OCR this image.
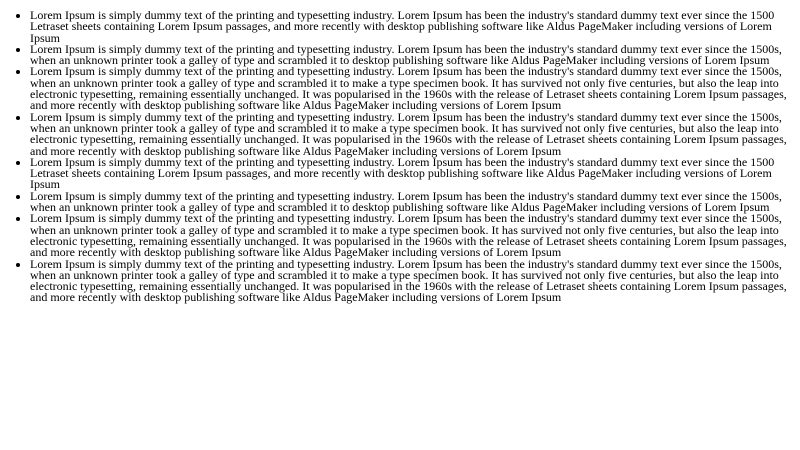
• Lorem Ipsum is simply dummy text of the printing and typesetting industry. Lorem Ipsum has been the industry's standard dummy text ever since the 1500 Letraset sheets containing Lorem Ipsum passages, and more recently with desktop publishing software like Aldus PageMaker including versions of Lorem Ipsum
• Lorem Ipsum is simply dummy text of the printing and typesetting industry. Lorem Ipsum has been the industry's standard dummy text ever since the 1500s, when an unknown printer took a galley of type and scrambled it to desktop publishing software like Aldus PageMaker including versions of Lorem Ipsum
• Lorem Ipsum is simply dummy text of the printing and typesetting industry. Lorem Ipsum has been the industry's standard dummy text ever since the 1500s, when an unknown printer took a galley of type and scrambled it to make a type specimen book. It has survived not only five centuries, but also the leap into electronic typesetting, remaining essentially unchanged. It was popularised in the 1960s with the release of Letraset sheets containing Lorem Ipsum passages, and more recently with desktop publishing software like Aldus PageMaker including versions of Lorem Ipsum
• Lorem Ipsum is simply dummy text of the printing and typesetting industry. Lorem Ipsum has been the industry's standard dummy text ever since the 1500s, when an unknown printer took a galley of type and scrambled it to make a type specimen book. It has survived not only five centuries, but also the leap into electronic typesetting, remaining essentially unchanged. It was popularised in the 1960s with the release of Letraset sheets containing Lorem Ipsum passages, and more recently with desktop publishing software like Aldus PageMaker including versions of Lorem Ipsum
• Lorem Ipsum is simply dummy text of the printing and typesetting industry. Lorem Ipsum has been the industry's standard dummy text ever since the 1500 Letraset sheets containing Lorem Ipsum passages, and more recently with desktop publishing software like Aldus PageMaker including versions of Lorem Ipsum
• Lorem Ipsum is simply dummy text of the printing and typesetting industry. Lorem Ipsum has been the industry's standard dummy text ever since the 1500s, when an unknown printer took a galley of type and scrambled it to desktop publishing software like Aldus PageMaker including versions of Lorem Ipsum
• Lorem Ipsum is simply dummy text of the printing and typesetting industry. Lorem Ipsum has been the industry's standard dummy text ever since the 1500s, when an unknown printer took a galley of type and scrambled it to make a type specimen book. It has survived not only five centuries, but also the leap into electronic typesetting, remaining essentially unchanged. It was popularised in the 1960s with the release of Letraset sheets containing Lorem Ipsum passages, and more recently with desktop publishing software like Aldus PageMaker including versions of Lorem Ipsum
• Lorem Ipsum is simply dummy text of the printing and typesetting industry. Lorem Ipsum has been the industry's standard dummy text ever since the 1500s, when an unknown printer took a galley of type and scrambled it to make a type specimen book. It has survived not only five centuries, but also the leap into electronic typesetting, remaining essentially unchanged. It was popularised in the 1960s with the release of Letraset sheets containing Lorem Ipsum passages, and more recently with desktop publishing software like Aldus PageMaker including versions of Lorem Ipsum
